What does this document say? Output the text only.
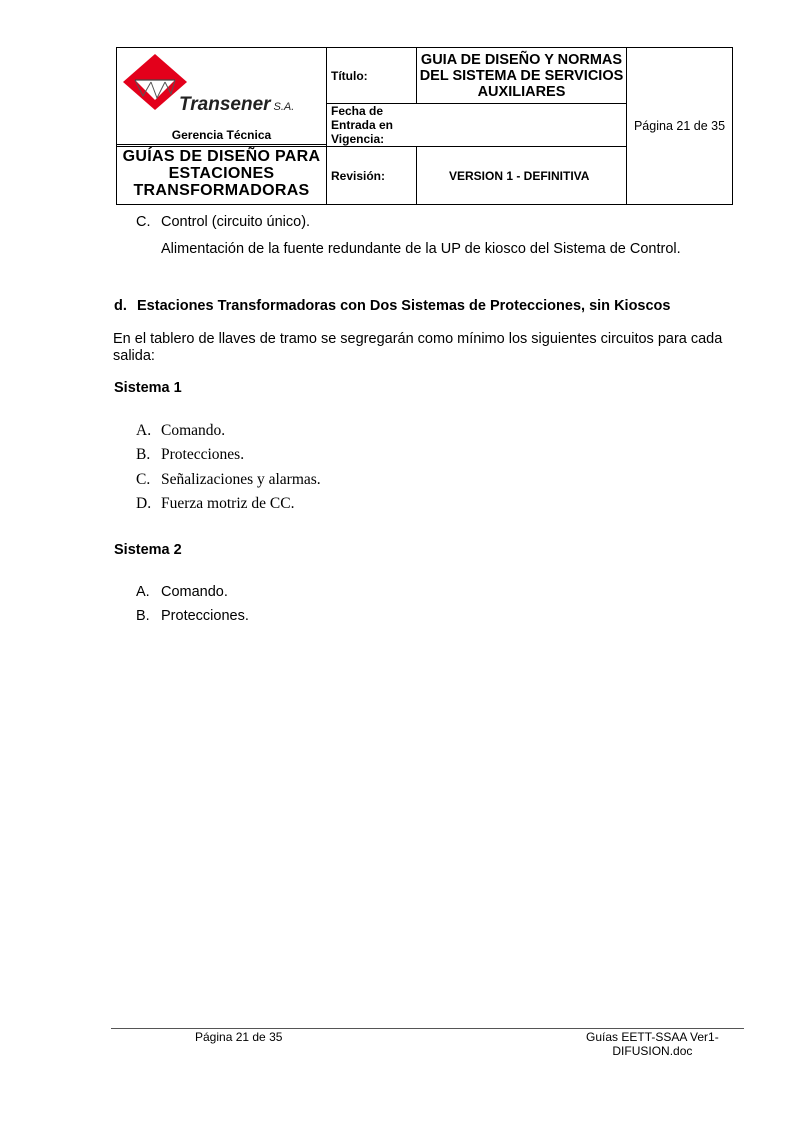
Transener S.A.	Título:	GUIA DE DISEÑO Y NORMAS
DEL SISTEMA DE SERVICIOS
AUXILIARES	Página 21 de 35

	Fecha de
Entrada en
Vigencia:		

Gerencia Técnica
GUÍAS DE DISEÑO PARA
ESTACIONES
TRANSFORMADORAS	Revisión:	VERSION 1 - DEFINITIVA	
C. Control (circuito único).
Alimentación de la fuente redundante de la UP de kiosco del Sistema de Control.
d. Estaciones Transformadoras con Dos Sistemas de Protecciones, sin Kioscos
En el tablero de llaves de tramo se segregarán como mínimo los siguientes circuitos para cada
salida:
Sistema 1
A. Comando.
B. Protecciones.
C. Señalizaciones y alarmas.
D. Fuerza motriz de CC.
Sistema 2
A. Comando.
B. Protecciones.
Página 21 de 35	Guías EETT-SSAA Ver1-
DIFUSION.doc
